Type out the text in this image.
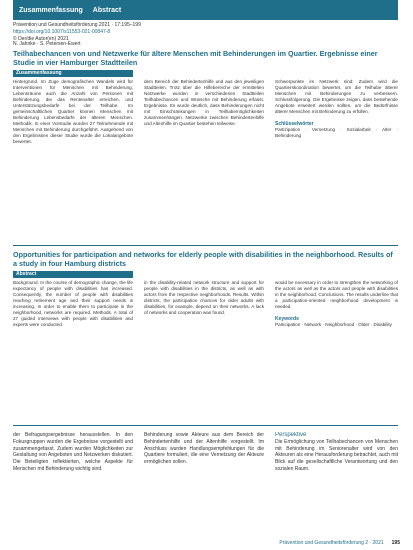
Zusammenfassung Abstract
Prävention und Gesundheitsförderung 2021 · 17:195–199
https://doi.org/10.1007/s11553-021-00847-8
© Der/die Autor(en) 2021
N. Jahnke · S. Petersen-Ewert
Teilhabechancen von und Netzwerke für ältere Menschen mit Behinderungen im Quartier. Ergebnisse einer Studie in vier Hamburger Stadtteilen
Zusammenfassung
Hintergrund. Im Zuge demografischen Wandels wird für Interventionen für Menschen mit Behinderung, Lebensräume auch die Anzahl von Personen mit Behinderung, die das Rentenalter erreichen, und Unterstützungsbedarfe bei der Teilhabe. Im gemeinschaftlichen Quartier können Menschen mit Behinderung Lebensbedarfe der älteren Menschen. Methodik. In einer Vorstudie wurden 27 Teilnehmende mit Menschen mit Behinderung durchgeführt. Ausgehend von den Ergebnissen dieser Studie wurde die Lokalangebote bewertet.
dem Bereich der Behindertenhilfe und aus den jeweiligen Stadtteilen. Trotz über die Hilfebereiche der ermittelten Netzwerke wurden in verschiedenen Stadtteilen Teilhabechancen und Wünsche mit Behinderung erfasst. Ergebnisse. Es wurde deutlich, dass Behinderungen nicht mit Einschränkungen in Teilhabemöglichkeiten zusammenhängen. Netzwerke zwischen Behindertenhilfe und Altenhilfe im Quartier bestehen teilweise.
Schwerpunkte im Netzwerk sind: Zudem wird die Quartierskoordination bewertet, um die Teilhabe älterer Menschen mit Behinderungen zu verbessern. Schlussfolgerung. Die Ergebnisse zeigen, dass bestehende Angebote erweitert werden sollten, um die Bedürfnisse älterer Menschen mit Behinderung zu erfüllen.
Schlüsselwörter
Partizipation · Vernetzung · Sozialarbeit · Alter · Behinderung
Opportunities for participation and networks for elderly people with disabilities in the neighborhood. Results of a study in four Hamburg districts
Abstract
Background. In the course of demographic change, the life expectancy of people with disabilities has increased. Consequently, the number of people with disabilities reaching retirement age and their support needs is increasing. In order to enable them to participate in the neighborhood, networks are required. Methods. A total of 27 guided interviews with people with disabilities and experts were conducted.
in the disability-related network structure and support for people with disabilities in the districts, as well as with actors from the respective neighborhoods. Results. Within districts, the participation chances for older adults with disabilities, for example, depend on their networks. A lack of networks and cooperation was found.
would be necessary in order to strengthen the networking of the actors as well as the actors and people with disabilities in the neighborhood. Conclusions. The results underline that a participation-oriented neighborhood development is needed.
Keywords
Participation · Network · Neighborhood · Older · Disability
der Befragungsergebnisse herausstellen. In den Fokusgruppen wurden die Ergebnisse vorgestellt und zusammengefasst. Zudem wurden Möglichkeiten zur Gestaltung von Angeboten und Netzwerken diskutiert. Die Beteiligten reflektierten, welche Aspekte für Menschen mit Behinderung wichtig sind.
Behinderung sowie Akteure aus dem Bereich der Behindertenhilfe und der Altenhilfe vorgestellt. Im Anschluss wurden Handlungsempfehlungen für die Quartiere formuliert, die eine Vernetzung der Akteure ermöglichen sollen.
Perspektive
Die Ermöglichung von Teilhabechancen von Menschen mit Behinderung im Seniorenalter wird von den Akteuren als eine Herausforderung betrachtet, auch mit Blick auf die gesellschaftliche Verantwortung und den sozialen Raum.
Prävention und Gesundheitsförderung 2 · 2021 195
